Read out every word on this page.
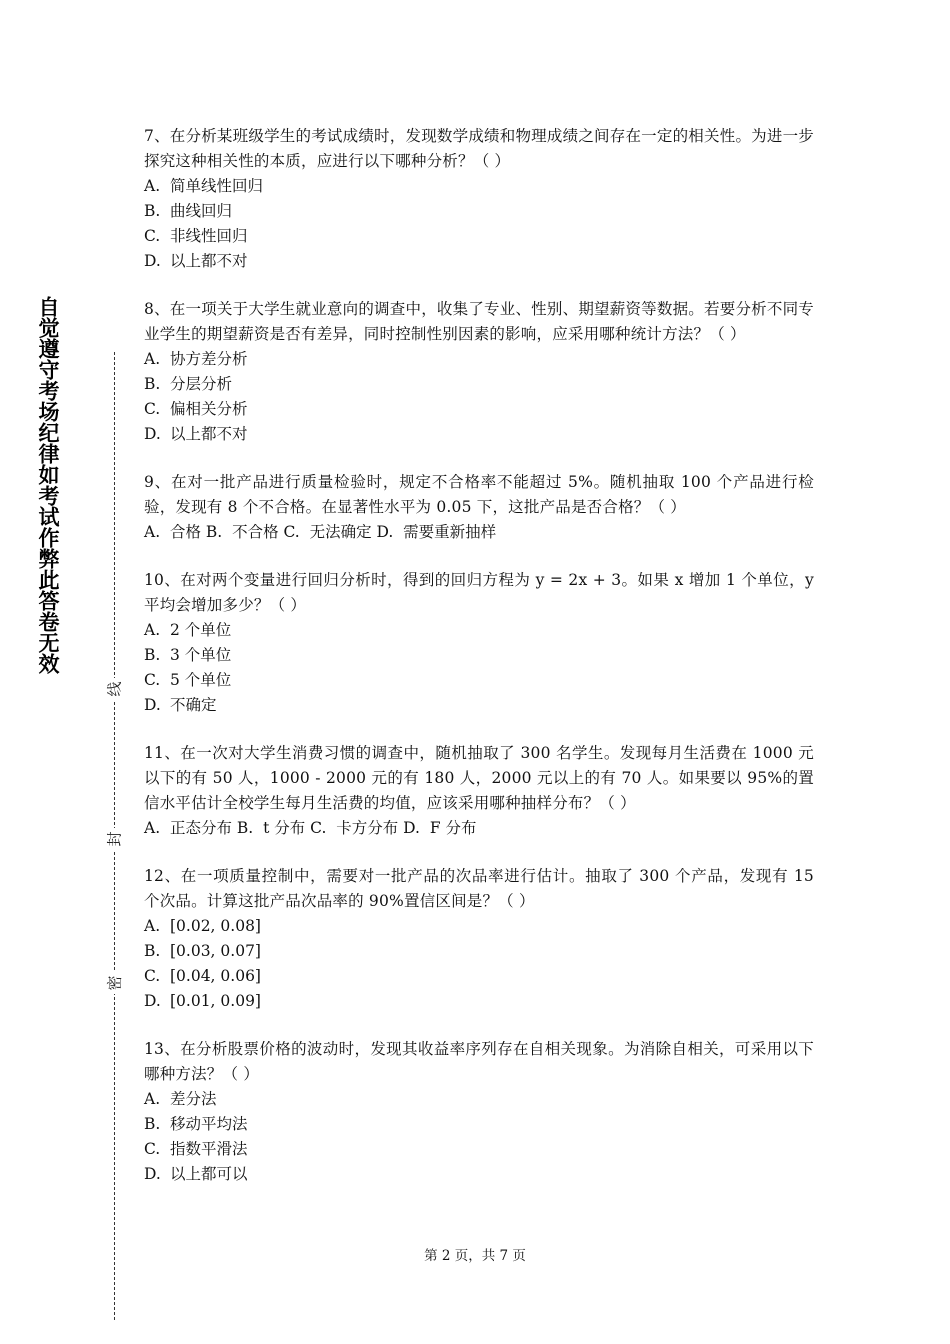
自觉遵守考场纪律如考试作弊此答卷无效
线
封
密
7、在分析某班级学生的考试成绩时，发现数学成绩和物理成绩之间存在一定的相关性。为进一步探究这种相关性的本质，应进行以下哪种分析？（ ）
A. 简单线性回归
B. 曲线回归
C. 非线性回归
D. 以上都不对
8、在一项关于大学生就业意向的调查中，收集了专业、性别、期望薪资等数据。若要分析不同专业学生的期望薪资是否有差异，同时控制性别因素的影响，应采用哪种统计方法？（ ）
A. 协方差分析
B. 分层分析
C. 偏相关分析
D. 以上都不对
9、在对一批产品进行质量检验时，规定不合格率不能超过 5%。随机抽取 100 个产品进行检验，发现有 8 个不合格。在显著性水平为 0.05 下，这批产品是否合格？（ ）
A.  合格 B.  不合格 C.  无法确定 D.  需要重新抽样
10、在对两个变量进行回归分析时，得到的回归方程为 y = 2x + 3。如果 x 增加 1 个单位，y 平均会增加多少？（ ）
A. 2 个单位
B. 3 个单位
C. 5 个单位
D. 不确定
11、在一次对大学生消费习惯的调查中，随机抽取了 300 名学生。发现每月生活费在 1000 元以下的有 50 人，1000 - 2000 元的有 180 人，2000 元以上的有 70 人。如果要以 95%的置信水平估计全校学生每月生活费的均值，应该采用哪种抽样分布？（ ）
A.  正态分布 B.  t 分布 C.  卡方分布 D.  F 分布
12、在一项质量控制中，需要对一批产品的次品率进行估计。抽取了 300 个产品，发现有 15 个次品。计算这批产品次品率的 90%置信区间是？（ ）
A. [0.02, 0.08]
B. [0.03, 0.07]
C. [0.04, 0.06]
D. [0.01, 0.09]
13、在分析股票价格的波动时，发现其收益率序列存在自相关现象。为消除自相关，可采用以下哪种方法？（ ）
A. 差分法
B. 移动平均法
C. 指数平滑法
D. 以上都可以
第 2 页，共 7 页
